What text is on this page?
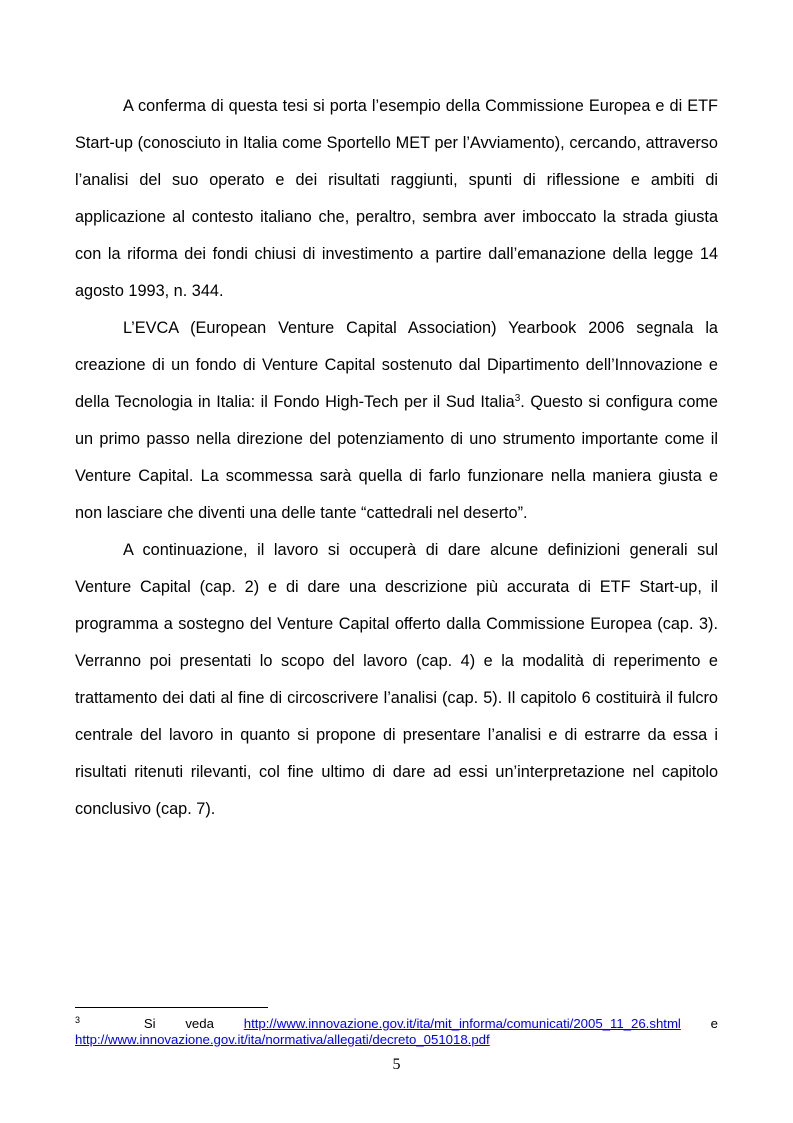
A conferma di questa tesi si porta l’esempio della Commissione Europea e di ETF Start-up (conosciuto in Italia come Sportello MET per l’Avviamento), cercando, attraverso l’analisi del suo operato e dei risultati raggiunti, spunti di riflessione e ambiti di applicazione al contesto italiano che, peraltro, sembra aver imboccato la strada giusta con la riforma dei fondi chiusi di investimento a partire dall’emanazione della legge 14 agosto 1993, n. 344.

L’EVCA (European Venture Capital Association) Yearbook 2006 segnala la creazione di un fondo di Venture Capital sostenuto dal Dipartimento dell’Innovazione e della Tecnologia in Italia: il Fondo High-Tech per il Sud Italia$^3$. Questo si configura come un primo passo nella direzione del potenziamento di uno strumento importante come il Venture Capital. La scommessa sarà quella di farlo funzionare nella maniera giusta e non lasciare che diventi una delle tante “cattedrali nel deserto”.

A continuazione, il lavoro si occuperà di dare alcune definizioni generali sul Venture Capital (cap. 2) e di dare una descrizione più accurata di ETF Start-up, il programma a sostegno del Venture Capital offerto dalla Commissione Europea (cap. 3). Verranno poi presentati lo scopo del lavoro (cap. 4) e la modalità di reperimento e trattamento dei dati al fine di circoscrivere l’analisi (cap. 5). Il capitolo 6 costituirà il fulcro centrale del lavoro in quanto si propone di presentare l’analisi e di estrarre da essa i risultati ritenuti rilevanti, col fine ultimo di dare ad essi un’interpretazione nel capitolo conclusivo (cap. 7).

$^3$	Si veda http://www.innovazione.gov.it/ita/mit_informa/comunicati/2005_11_26.shtml e
http://www.innovazione.gov.it/ita/normativa/allegati/decreto_051018.pdf
5
